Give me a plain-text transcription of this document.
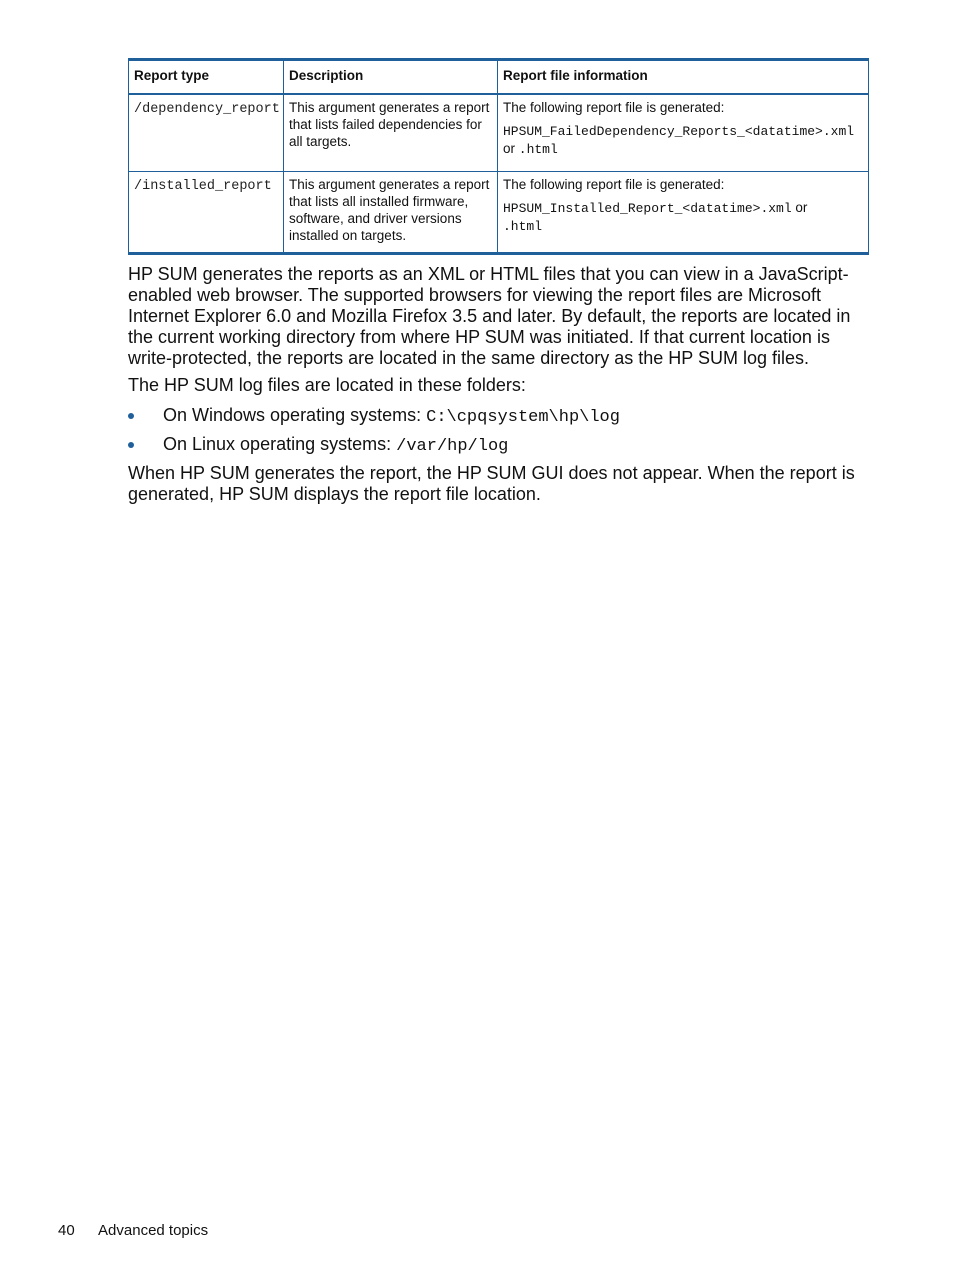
Report type	Description	Report file information
/dependency_report	This argument generates a report that lists failed dependencies for all targets.	The following report file is generated:
HPSUM_FailedDependency_Reports_<datatime>.xml
or .html

/installed_report	This argument generates a report that lists all installed firmware, software, and driver versions installed on targets.	The following report file is generated:
HPSUM_Installed_Report_<datatime>.xml or
.html

HP SUM generates the reports as an XML or HTML files that you can view in a JavaScript-enabled web browser. The supported browsers for viewing the report files are Microsoft Internet Explorer 6.0 and Mozilla Firefox 3.5 and later. By default, the reports are located in the current working directory from where HP SUM was initiated. If that current location is write-protected, the reports are located in the same directory as the HP SUM log files.

The HP SUM log files are located in these folders:

On Windows operating systems: C:\cpqsystem\hp\log
On Linux operating systems: /var/hp/log

When HP SUM generates the report, the HP SUM GUI does not appear. When the report is generated, HP SUM displays the report file location.

40 Advanced topics
